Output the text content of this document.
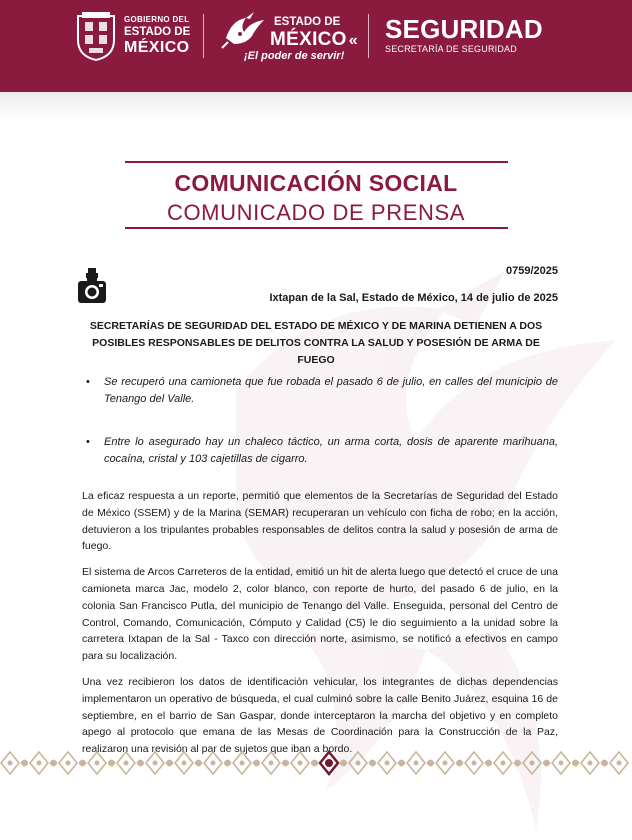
GOBIERNO DEL
ESTADO DE
MÉXICO
ESTADO DE
MÉXICO «
¡El poder de servir!
SEGURIDAD
SECRETARÍA DE SEGURIDAD
COMUNICACIÓN SOCIAL
COMUNICADO DE PRENSA
0759/2025
Ixtapan de la Sal, Estado de México, 14 de julio de 2025
SECRETARÍAS DE SEGURIDAD DEL ESTADO DE MÉXICO Y DE MARINA DETIENEN A DOS POSIBLES RESPONSABLES DE DELITOS CONTRA LA SALUD Y POSESIÓN DE ARMA DE FUEGO
• Se recuperó una camioneta que fue robada el pasado 6 de julio, en calles del municipio de Tenango del Valle.
• Entre lo asegurado hay un chaleco táctico, un arma corta, dosis de aparente marihuana, cocaína, cristal y 103 cajetillas de cigarro.

La eficaz respuesta a un reporte, permitió que elementos de la Secretarías de Seguridad del Estado de México (SSEM) y de la Marina (SEMAR) recuperaran un vehículo con ficha de robo; en la acción, detuvieron a los tripulantes probables responsables de delitos contra la salud y posesión de arma de fuego.

El sistema de Arcos Carreteros de la entidad, emitió un hit de alerta luego que detectó el cruce de una camioneta marca Jac, modelo 2, color blanco, con reporte de hurto, del pasado 6 de julio, en la colonia San Francisco Putla, del municipio de Tenango del Valle. Enseguida, personal del Centro de Control, Comando, Comunicación, Cómputo y Calidad (C5) le dio seguimiento a la unidad sobre la carretera Ixtapan de la Sal - Taxco con dirección norte, asimismo, se notificó a efectivos en campo para su localización.

Una vez recibieron los datos de identificación vehicular, los integrantes de dichas dependencias implementaron un operativo de búsqueda, el cual culminó sobre la calle Benito Juárez, esquina 16 de septiembre, en el barrio de San Gaspar, donde interceptaron la marcha del objetivo y en completo apego al protocolo que emana de las Mesas de Coordinación para la Construcción de la Paz, realizaron una revisión al par de sujetos que iban a bordo.
